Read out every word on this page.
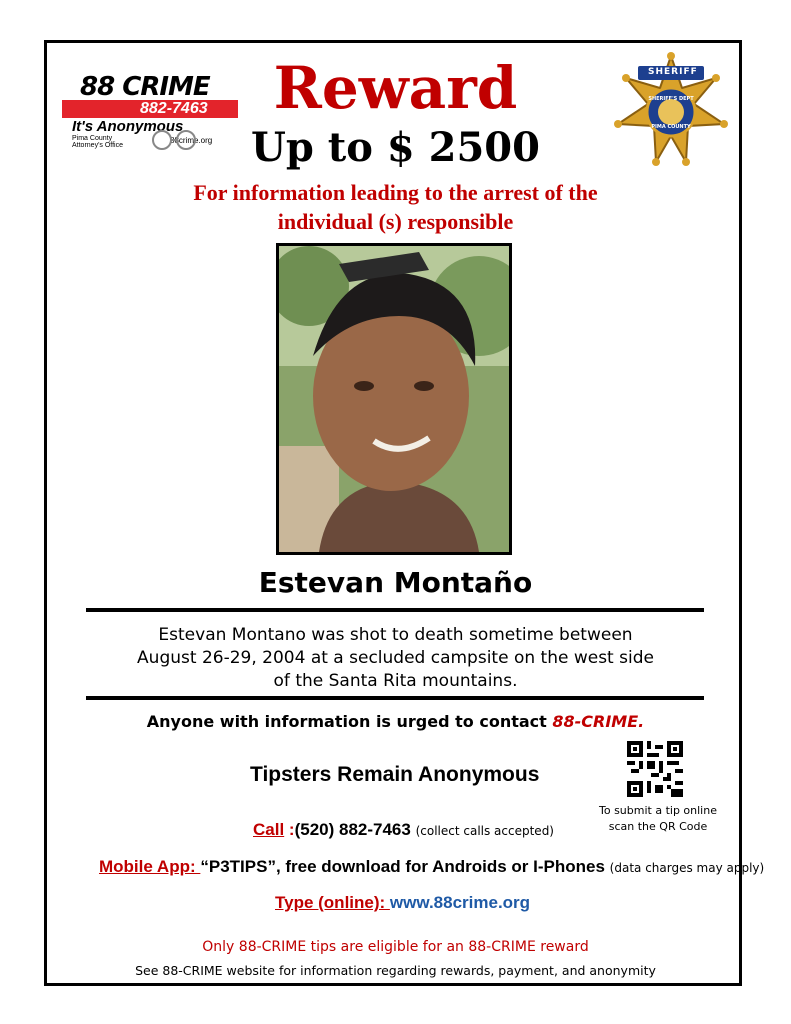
88 CRIME
882-7463
It's Anonymous
Pima County Attorney's Office
88crime.org
SHERIFF
SHERIFF'S DEPT
PIMA COUNTY
Reward
Up to $ 2500
For information leading to the arrest of the
individual (s) responsible
Estevan Montaño
Estevan Montano was shot to death sometime between
August 26-29, 2004 at a secluded campsite on the west side
of the Santa Rita mountains.
Anyone with information is urged to contact 88-CRIME.
Tipsters Remain Anonymous
To submit a tip online
scan the QR Code
Call :(520) 882-7463 (collect calls accepted)
Mobile App: “P3TIPS”, free download for Androids or I-Phones (data charges may apply)
Type (online): www.88crime.org
Only 88-CRIME tips are eligible for an 88-CRIME reward
See 88-CRIME website for information regarding rewards, payment, and anonymity
